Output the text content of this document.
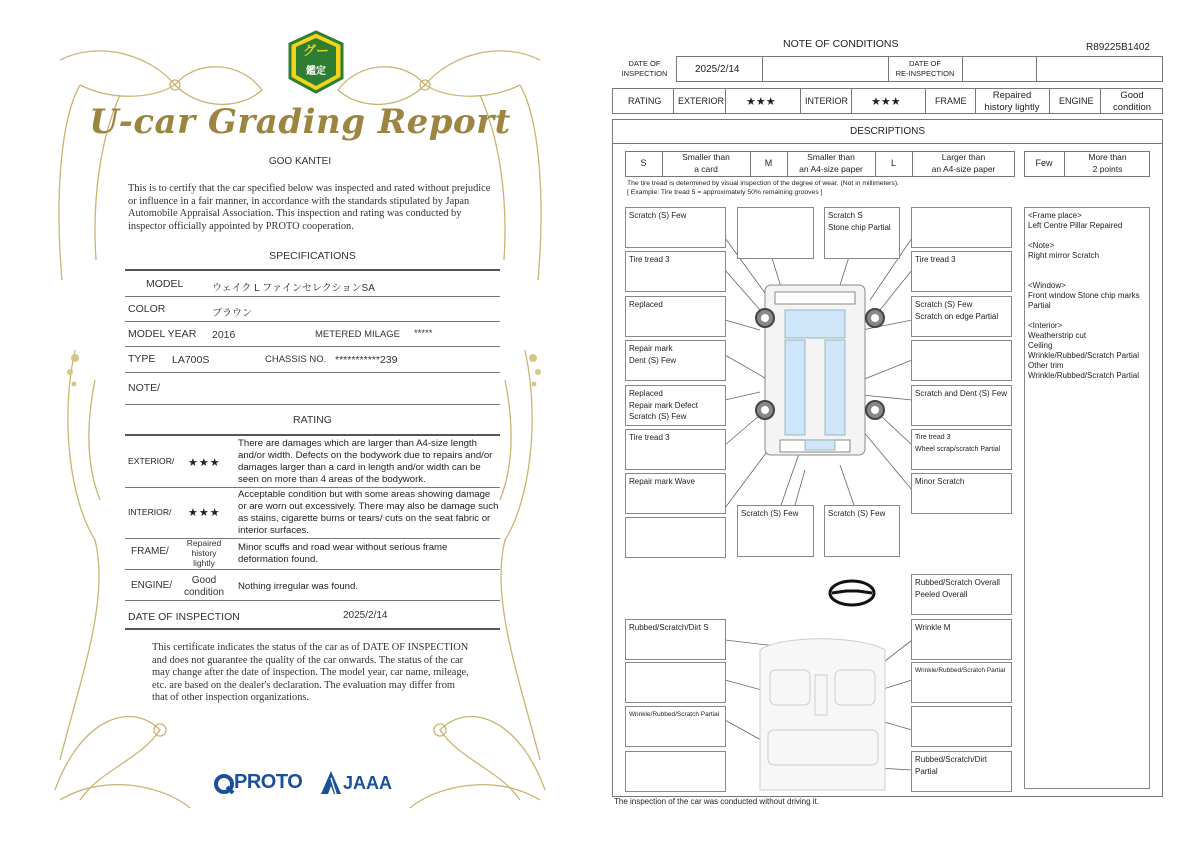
グー
鑑定
U-car Grading Report
GOO KANTEI
This is to certify that the car specified below was inspected and rated without prejudice or influence in a fair manner, in accordance with the standards stipulated by Japan Automobile Appraisal Association. This inspection and rating was conducted by inspector officially appointed by PROTO cooperation.
SPECIFICATIONS
MODEL	ウェイク L ファインセレクションSA
COLOR	ブラウン
MODEL YEAR 2016	METERED MILAGE *****
TYPE LA700S	CHASSIS NO. ***********239
NOTE/
RATING
EXTERIOR/ ★★★
There are damages which are larger than A4-size length and/or width. Defects on the bodywork due to repairs and/or damages larger than a card in length and/or width can be seen on more than 4 areas of the bodywork.
INTERIOR/ ★★★
Acceptable condition but with some areas showing damage or are worn out excessively. There may also be damage such as stains, cigarette burns or tears/ cuts on the seat fabric or interior surfaces.
FRAME/
Repaired
history
lightly
Minor scuffs and road wear without serious frame deformation found.
ENGINE/	Good
condition
Nothing irregular was found.
DATE OF INSPECTION	2025/2/14
This certificate indicates the status of the car as of DATE OF INSPECTION and does not guarantee the quality of the car onwards. The status of the car may change after the date of inspection. The model year, car name, mileage, etc. are based on the dealer's declaration. The evaluation may differ from that of other inspection organizations.
PROTO JAAA
NOTE OF CONDITIONS	R89225B1402
DATE OF
INSPECTION	2025/2/14
DATE OF
RE-INSPECTION
RATING EXTERIOR ★★★	INTERIOR ★★★	FRAME	Repaired
history lightly
ENGINE	Good
condition
DESCRIPTIONS
S
Smaller than
a card
M
Smaller than
an A4-size paper
L
Larger than
an A4-size paper
Few
More than
2 points
The tire tread is determined by visual inspection of the degree of wear. (Not in millimeters).
[ Example: Tire tread 5 = approximately 50% remaining grooves ]
Scratch (S) Few	Scratch S
Stone chip Partial
Tire tread 3	Tire tread 3
Replaced	Scratch (S) Few
Scratch on edge Partial
Repair mark
Dent (S) Few
Replaced
Repair mark Defect
Scratch (S) Few
Scratch and Dent (S) Few
Tire tread 3	Tire tread 3
Wheel scrap/scratch Partial
Repair mark Wave	Minor Scratch
Scratch (S) Few	Scratch (S) Few
Rubbed/Scratch Overall
Peeled Overall
Rubbed/Scratch/Dirt S	Wrinkle M
Wrinkle/Rubbed/Scratch Partial
Wrinkle/Rubbed/Scratch Partial
Rubbed/Scratch/Dirt Partial
<Frame place>
Left Centre Pillar Repaired

<Note>
Right mirror Scratch

<Window>
Front window Stone chip marks Partial

<Interior>
Weatherstrip cut
Ceiling
Wrinkle/Rubbed/Scratch Partial
Other trim
Wrinkle/Rubbed/Scratch Partial
The inspection of the car was conducted without driving it.
